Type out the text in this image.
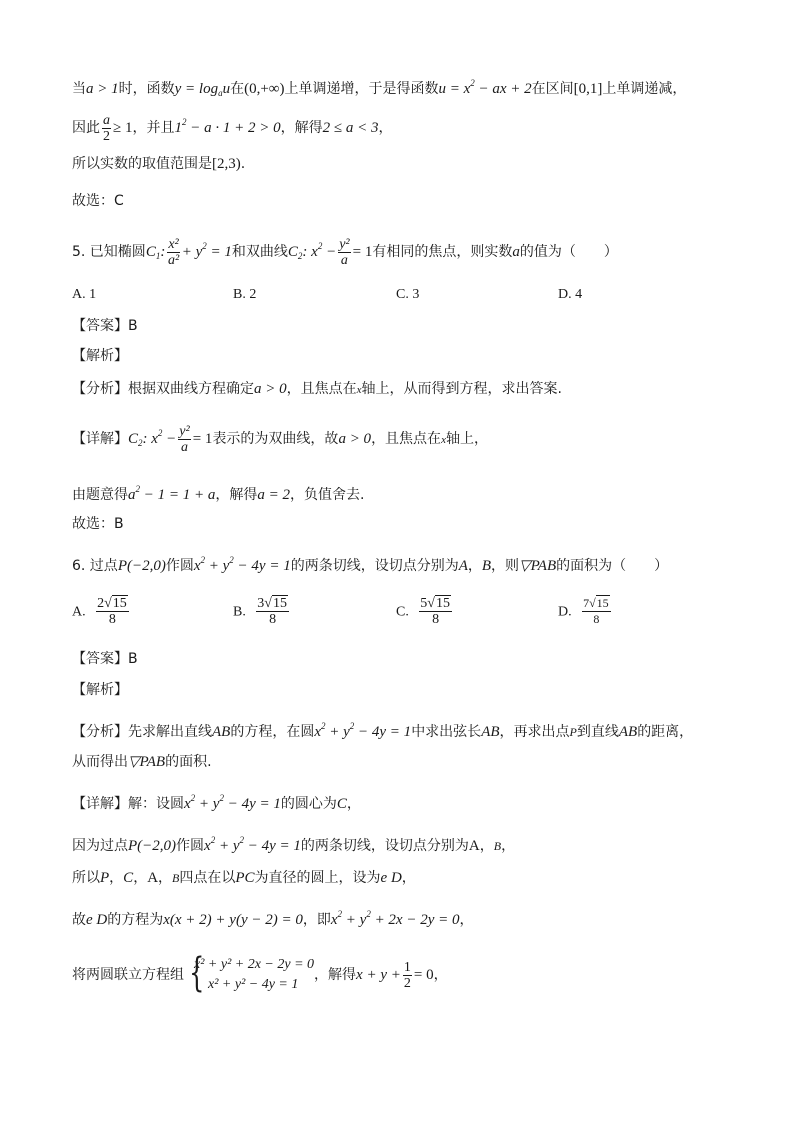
当a > 1时，函数$y = \log_au$在(0,+∞)上单调递增，于是得函数$u = x^2$ − ax + 2在区间[0,1]上单调递减，
因此 $\frac{a}{2} \ge 1$，并且$1^2 - a \cdot 1 + 2 > 0$，解得2 ≤ a < 3，
所以实数的取值范围是[2,3).
故选：C
5. 已知椭圆$C_1$: $\frac{\text{x²}}{\text{a²}} + y^2 = 1$和双曲线$C_2$: $x^2 - \frac{\text{y²}}{a} = 1$有相同的焦点，则实数a的值为（　　）
A. 1	B. 2	C. 3	D. 4
【答案】B
【解析】
【分析】根据双曲线方程确定a > 0，且焦点在x轴上，从而得到方程，求出答案.
【详解】$C_2$: $x^2 - \frac{\text{y²}}{a} = 1$表示的为双曲线，故a > 0，且焦点在x轴上，
由题意得$a^2 - 1 = 1 + a$，解得a = 2，负值舍去.
故选：B
6. 过点P(−2,0)作圆$x^2 + y^2 - 4y = 1$的两条切线，设切点分别为A，B，则▽PAB的面积为（　　）
A. $\frac{2√15}{8}$	B. $\frac{3√15}{8}$	C. $\frac{5√15}{8}$	D. $\frac{7√15}{8}$
【答案】B
【解析】
【分析】先求解出直线AB的方程，在圆$x^2 + y^2 - 4y = 1$中求出弦长AB，再求出点P到直线AB的距离，
从而得出▽PAB的面积.
【详解】解：设圆$x^2 + y^2 - 4y = 1$的圆心为C，
因为过点P(−2,0)作圆$x^2 + y^2 - 4y = 1$的两条切线，设切点分别为A，B，
所以P，C，A，B四点在以PC为直径的圆上，设为e D，
故e D的方程为x(x + 2) + y(y − 2) = 0，即$x^2 + y^2 + 2x - 2y = 0$，
将两圆联立方程组 {
x² + y² + 2x − 2y = 0
x² + y² − 4y = 1
，解得$x + y + \frac{1}{2} = 0$，
